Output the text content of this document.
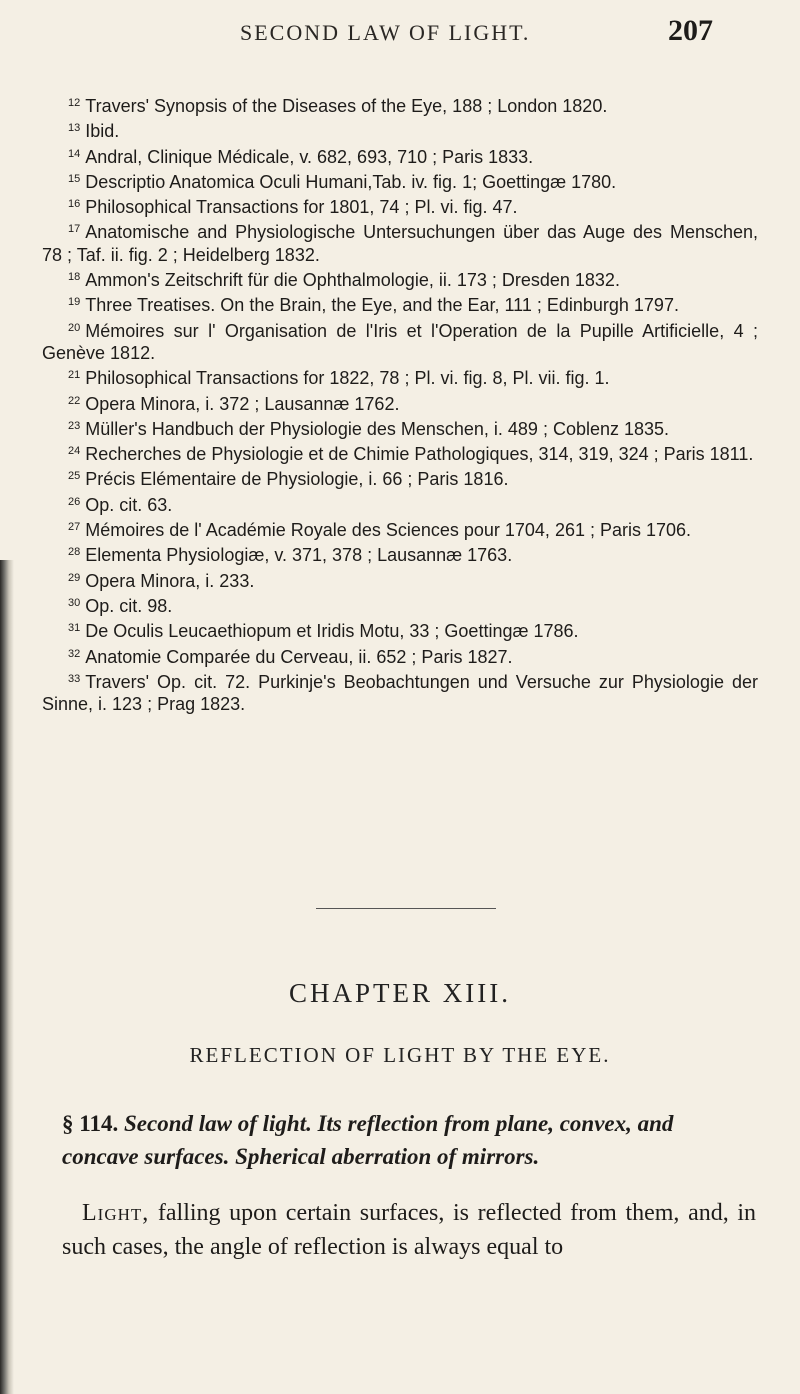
SECOND LAW OF LIGHT.	207

$^{12}$ Travers' Synopsis of the Diseases of the Eye, 188 ; London 1820.

$^{13}$ Ibid.

$^{14}$ Andral, Clinique Médicale, v. 682, 693, 710 ; Paris 1833.

$^{15}$ Descriptio Anatomica Oculi Humani,Tab. iv. fig. 1; Goettingæ 1780.

$^{16}$ Philosophical Transactions for 1801, 74 ; Pl. vi. fig. 47.

$^{17}$ Anatomische and Physiologische Untersuchungen über das Auge des Menschen, 78 ; Taf. ii. fig. 2 ; Heidelberg 1832.

$^{18}$ Ammon's Zeitschrift für die Ophthalmologie, ii. 173 ; Dresden 1832.

$^{19}$ Three Treatises. On the Brain, the Eye, and the Ear, 111 ; Edinburgh 1797.

$^{20}$ Mémoires sur l' Organisation de l'Iris et l'Operation de la Pupille Artificielle, 4 ; Genève 1812.

$^{21}$ Philosophical Transactions for 1822, 78 ; Pl. vi. fig. 8, Pl. vii. fig. 1.

$^{22}$ Opera Minora, i. 372 ; Lausannæ 1762.

$^{23}$ Müller's Handbuch der Physiologie des Menschen, i. 489 ; Coblenz 1835.

$^{24}$ Recherches de Physiologie et de Chimie Pathologiques, 314, 319, 324 ; Paris 1811.

$^{25}$ Précis Elémentaire de Physiologie, i. 66 ; Paris 1816.

$^{26}$ Op. cit. 63.

$^{27}$ Mémoires de l' Académie Royale des Sciences pour 1704, 261 ; Paris 1706.

$^{28}$ Elementa Physiologiæ, v. 371, 378 ; Lausannæ 1763.

$^{29}$ Opera Minora, i. 233.

$^{30}$ Op. cit. 98.

$^{31}$ De Oculis Leucaethiopum et Iridis Motu, 33 ; Goettingæ 1786.

$^{32}$ Anatomie Comparée du Cerveau, ii. 652 ; Paris 1827.

$^{33}$ Travers' Op. cit. 72. Purkinje's Beobachtungen und Versuche zur Physiologie der Sinne, i. 123 ; Prag 1823.

CHAPTER XIII.
REFLECTION OF LIGHT BY THE EYE.
§ 114. Second law of light. Its reflection from plane, convex, and concave surfaces. Spherical aberration of mirrors.
Light, falling upon certain surfaces, is reflected from them, and, in such cases, the angle of reflection is always equal to
